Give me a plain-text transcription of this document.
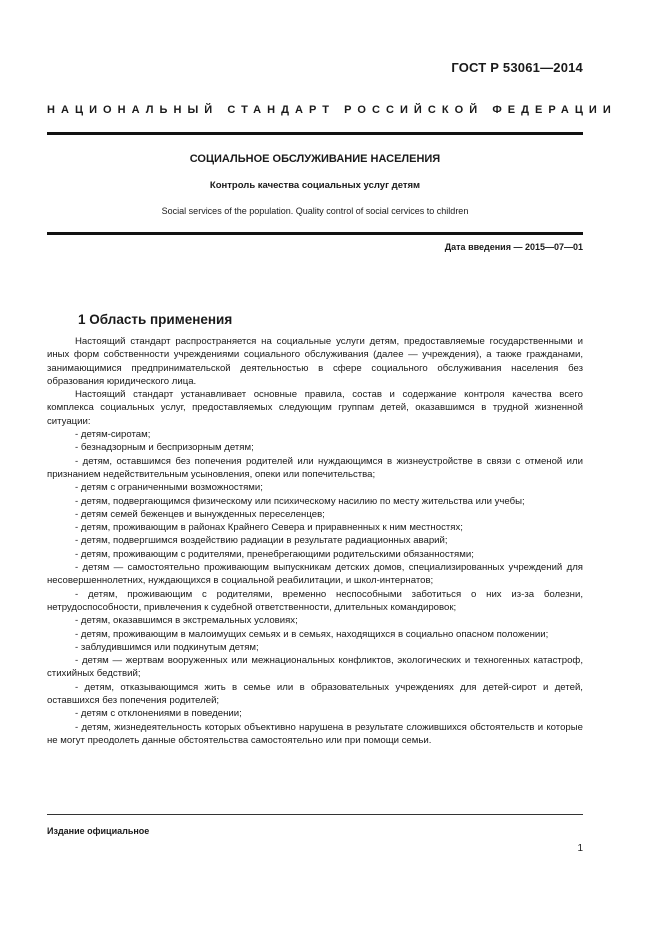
ГОСТ Р 53061—2014
НАЦИОНАЛЬНЫЙ СТАНДАРТ РОССИЙСКОЙ ФЕДЕРАЦИИ
СОЦИАЛЬНОЕ ОБСЛУЖИВАНИЕ НАСЕЛЕНИЯ
Контроль качества социальных услуг детям
Social services of the population. Quality control of social cervices to children
Дата введения — 2015—07—01
1 Область применения

Настоящий стандарт распространяется на социальные услуги детям, предоставляемые государственными и иных форм собственности учреждениями социального обслуживания (далее — учреждения), а также гражданами, занимающимися предпринимательской деятельностью в сфере социального обслуживания населения без образования юридического лица.

Настоящий стандарт устанавливает основные правила, состав и содержание контроля качества всего комплекса социальных услуг, предоставляемых следующим группам детей, оказавшимся в трудной жизненной ситуации:

- детям-сиротам;
- безнадзорным и беспризорным детям;
- детям, оставшимся без попечения родителей или нуждающимся в жизнеустройстве в связи с отменой или признанием недействительным усыновления, опеки или попечительства;
- детям с ограниченными возможностями;
- детям, подвергающимся физическому или психическому насилию по месту жительства или учебы;
- детям семей беженцев и вынужденных переселенцев;
- детям, проживающим в районах Крайнего Севера и приравненных к ним местностях;
- детям, подвергшимся воздействию радиации в результате радиационных аварий;
- детям, проживающим с родителями, пренебрегающими родительскими обязанностями;
- детям — самостоятельно проживающим выпускникам детских домов, специализированных учреждений для несовершеннолетних, нуждающихся в социальной реабилитации, и школ-интернатов;
- детям, проживающим с родителями, временно неспособными заботиться о них из-за болезни, нетрудоспособности, привлечения к судебной ответственности, длительных командировок;
- детям, оказавшимся в экстремальных условиях;
- детям, проживающим в малоимущих семьях и в семьях, находящихся в социально опасном положении;
- заблудившимся или подкинутым детям;
- детям — жертвам вооруженных или межнациональных конфликтов, экологических и техногенных катастроф, стихийных бедствий;
- детям, отказывающимся жить в семье или в образовательных учреждениях для детей-сирот и детей, оставшихся без попечения родителей;
- детям с отклонениями в поведении;
- детям, жизнедеятельность которых объективно нарушена в результате сложившихся обстоятельств и которые не могут преодолеть данные обстоятельства самостоятельно или при помощи семьи.
Издание официальное
1
